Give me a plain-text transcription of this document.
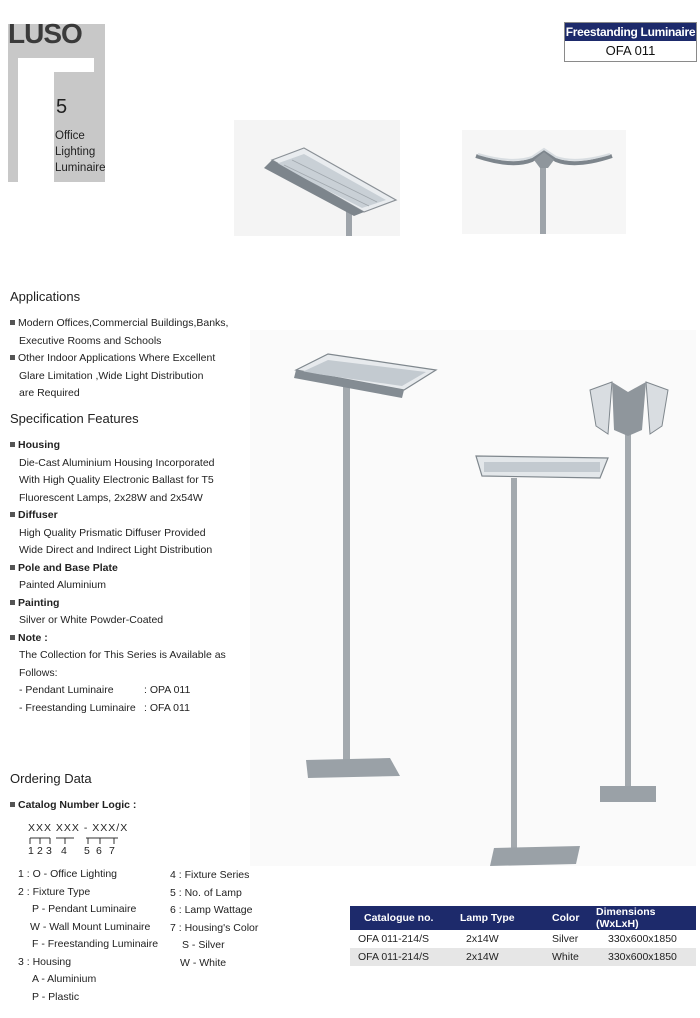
LUSO
5
Office
Lighting
Luminaire
Freestanding Luminaire
OFA 011
Applications
Modern Offices,Commercial Buildings,Banks,
Executive Rooms and Schools
Other Indoor Applications Where Excellent
Glare Limitation ,Wide Light Distribution
are Required
Specification Features
Housing
Die-Cast Aluminium Housing Incorporated
With High Quality Electronic Ballast for T5
Fluorescent Lamps, 2x28W and 2x54W
Diffuser
High Quality Prismatic Diffuser Provided
Wide Direct and Indirect Light Distribution
Pole and Base Plate
Painted Aluminium
Painting
Silver or White Powder-Coated
Note :
The Collection for This Series is Available as Follows:
- Pendant Luminaire	: OPA 011
- Freestanding Luminaire : OFA 011
Ordering Data
Catalog Number Logic :
XXX XXX - XXX/X
1 2 3 4 5 6 7
1 : O - Office Lighting
2 : Fixture Type
P - Pendant Luminaire
W - Wall Mount Luminaire
F - Freestanding Luminaire
3 : Housing
A - Aluminium
P - Plastic
4 : Fixture Series
5 : No. of Lamp
6 : Lamp Wattage
7 : Housing's Color
S - Silver
W - White
Catalogue no.	Lamp Type	Color	Dimensions (WxLxH)
OFA 011-214/S	2x14W	Silver	330x600x1850
OFA 011-214/S	2x14W	White	330x600x1850
